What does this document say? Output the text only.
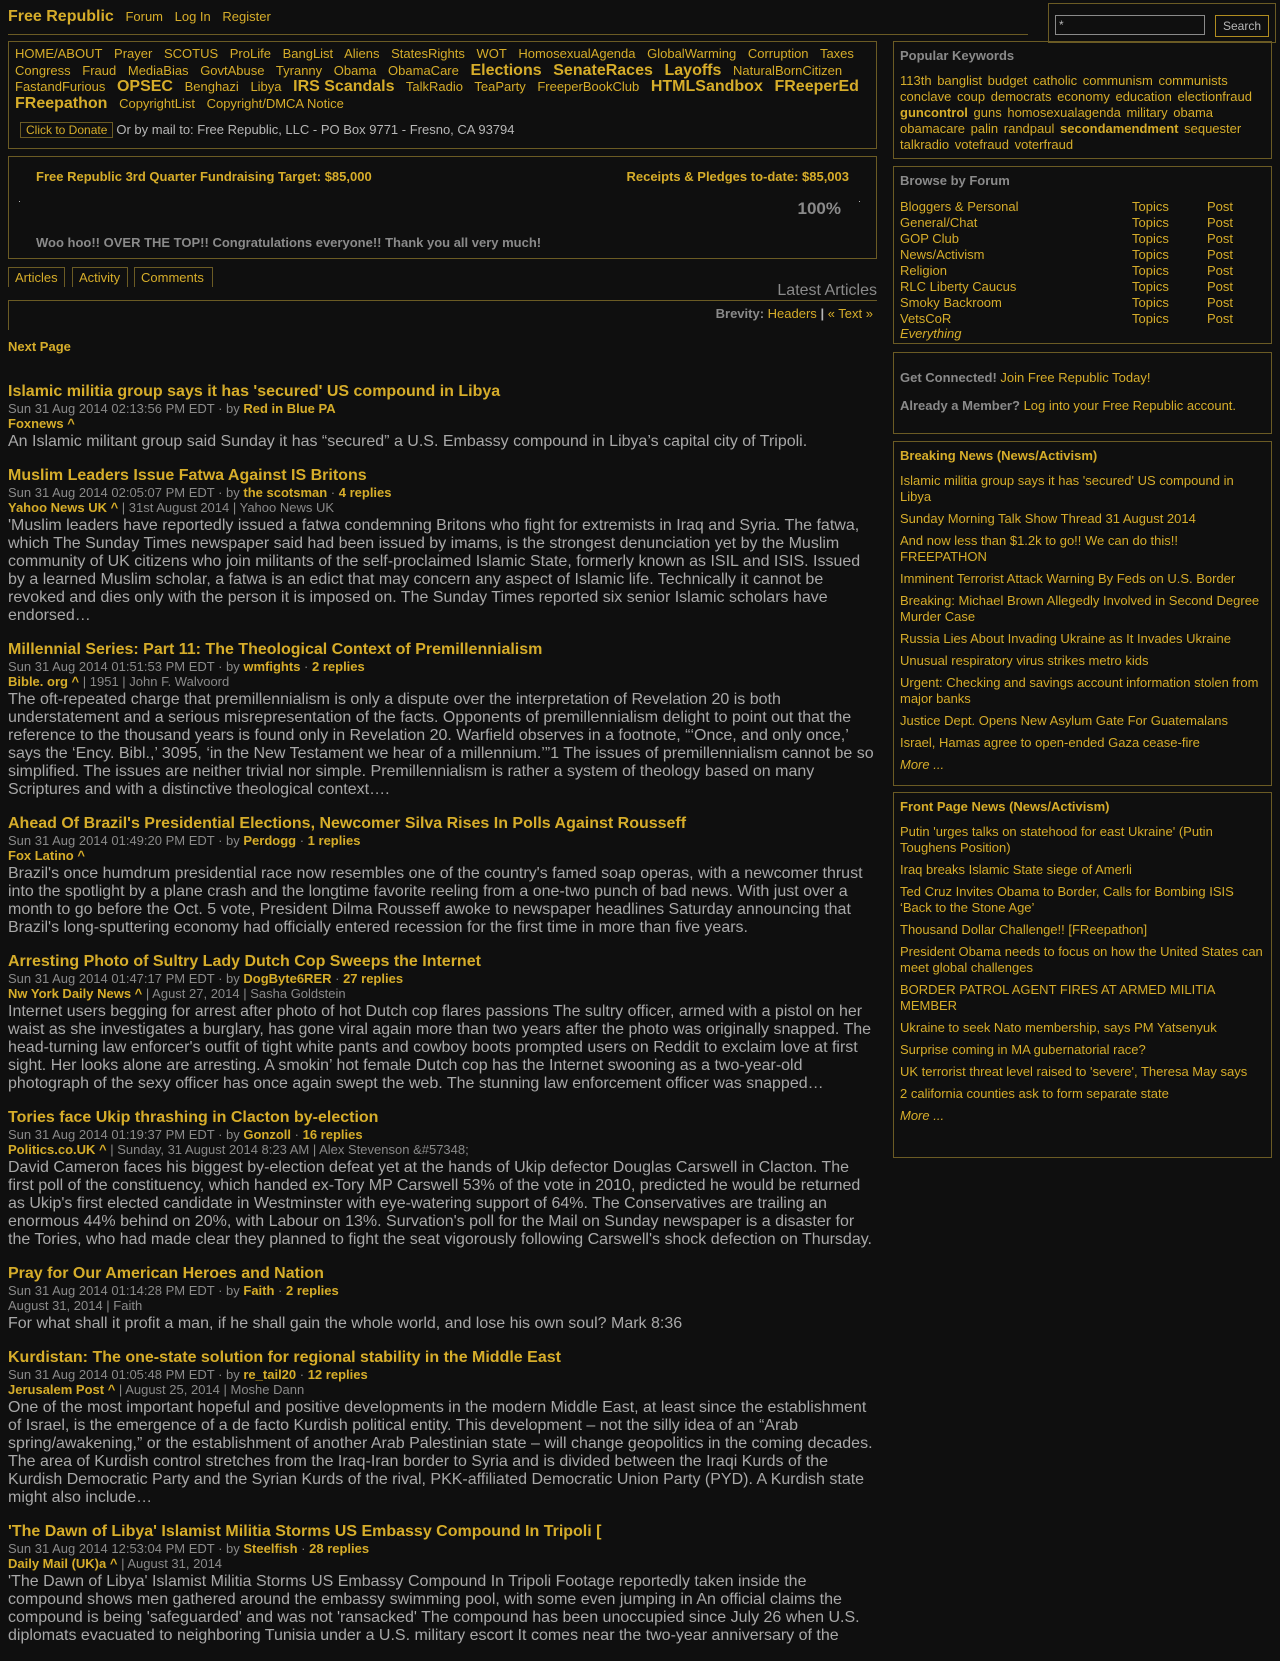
Free Republic Forum Log In Register
*
Search
HOME/ABOUT Prayer SCOTUS ProLife BangList Aliens StatesRights WOT HomosexualAgenda GlobalWarming Corruption Taxes Congress Fraud MediaBias GovtAbuse Tyranny Obama ObamaCare Elections SenateRaces Layoffs NaturalBornCitizen FastandFurious OPSEC Benghazi Libya IRS Scandals TalkRadio TeaParty FreeperBookClub HTMLSandbox FReeperEd FReepathon CopyrightList Copyright/DMCA Notice
Click to Donate Or by mail to: Free Republic, LLC - PO Box 9771 - Fresno, CA 93794
Free Republic 3rd Quarter Fundraising Target: $85,000	Receipts & Pledges to-date: $85,003
100%
Woo hoo!! OVER THE TOP!! Congratulations everyone!! Thank you all very much!
Articles	Activity	Comments
Latest Articles
Brevity: Headers | « Text »
Next Page
Islamic militia group says it has 'secured' US compound in Libya
Sun 31 Aug 2014 02:13:56 PM EDT · by Red in Blue PA
Foxnews ^
An Islamic militant group said Sunday it has “secured” a U.S. Embassy compound in Libya’s capital city of Tripoli.
Muslim Leaders Issue Fatwa Against IS Britons
Sun 31 Aug 2014 02:05:07 PM EDT · by the scotsman · 4 replies
Yahoo News UK ^ | 31st August 2014 | Yahoo News UK
'Muslim leaders have reportedly issued a fatwa condemning Britons who fight for extremists in Iraq and Syria. The fatwa, which The Sunday Times newspaper said had been issued by imams, is the strongest denunciation yet by the Muslim community of UK citizens who join militants of the self-proclaimed Islamic State, formerly known as ISIL and ISIS. Issued by a learned Muslim scholar, a fatwa is an edict that may concern any aspect of Islamic life. Technically it cannot be revoked and dies only with the person it is imposed on. The Sunday Times reported six senior Islamic scholars have endorsed…
Millennial Series: Part 11: The Theological Context of Premillennialism
Sun 31 Aug 2014 01:51:53 PM EDT · by wmfights · 2 replies
Bible. org ^ | 1951 | John F. Walvoord
The oft-repeated charge that premillennialism is only a dispute over the interpretation of Revelation 20 is both understatement and a serious misrepresentation of the facts. Opponents of premillennialism delight to point out that the reference to the thousand years is found only in Revelation 20. Warfield observes in a footnote, “‘Once, and only once,’ says the ‘Ency. Bibl.,’ 3095, ‘in the New Testament we hear of a millennium.’”1 The issues of premillennialism cannot be so simplified. The issues are neither trivial nor simple. Premillennialism is rather a system of theology based on many Scriptures and with a distinctive theological context….
Ahead Of Brazil's Presidential Elections, Newcomer Silva Rises In Polls Against Rousseff
Sun 31 Aug 2014 01:49:20 PM EDT · by Perdogg · 1 replies
Fox Latino ^
Brazil's once humdrum presidential race now resembles one of the country's famed soap operas, with a newcomer thrust into the spotlight by a plane crash and the longtime favorite reeling from a one-two punch of bad news. With just over a month to go before the Oct. 5 vote, President Dilma Rousseff awoke to newspaper headlines Saturday announcing that Brazil's long-sputtering economy had officially entered recession for the first time in more than five years.
Arresting Photo of Sultry Lady Dutch Cop Sweeps the Internet
Sun 31 Aug 2014 01:47:17 PM EDT · by DogByte6RER · 27 replies
Nw York Daily News ^ | Agust 27, 2014 | Sasha Goldstein
Internet users begging for arrest after photo of hot Dutch cop flares passions The sultry officer, armed with a pistol on her waist as she investigates a burglary, has gone viral again more than two years after the photo was originally snapped. The head-turning law enforcer's outfit of tight white pants and cowboy boots prompted users on Reddit to exclaim love at first sight. Her looks alone are arresting. A smokin’ hot female Dutch cop has the Internet swooning as a two-year-old photograph of the sexy officer has once again swept the web. The stunning law enforcement officer was snapped…
Tories face Ukip thrashing in Clacton by-election
Sun 31 Aug 2014 01:19:37 PM EDT · by Gonzoll · 16 replies
Politics.co.UK ^ | Sunday, 31 August 2014 8:23 AM | Alex Stevenson &#57348;
David Cameron faces his biggest by-election defeat yet at the hands of Ukip defector Douglas Carswell in Clacton. The first poll of the constituency, which handed ex-Tory MP Carswell 53% of the vote in 2010, predicted he would be returned as Ukip's first elected candidate in Westminster with eye-watering support of 64%. The Conservatives are trailing an enormous 44% behind on 20%, with Labour on 13%. Survation's poll for the Mail on Sunday newspaper is a disaster for the Tories, who had made clear they planned to fight the seat vigorously following Carswell's shock defection on Thursday.
Pray for Our American Heroes and Nation
Sun 31 Aug 2014 01:14:28 PM EDT · by Faith · 2 replies
August 31, 2014 | Faith
For what shall it profit a man, if he shall gain the whole world, and lose his own soul? Mark 8:36
Kurdistan: The one-state solution for regional stability in the Middle East
Sun 31 Aug 2014 01:05:48 PM EDT · by re_tail20 · 12 replies
Jerusalem Post ^ | August 25, 2014 | Moshe Dann
One of the most important hopeful and positive developments in the modern Middle East, at least since the establishment of Israel, is the emergence of a de facto Kurdish political entity. This development – not the silly idea of an “Arab spring/awakening,” or the establishment of another Arab Palestinian state – will change geopolitics in the coming decades. The area of Kurdish control stretches from the Iraq-Iran border to Syria and is divided between the Iraqi Kurds of the Kurdish Democratic Party and the Syrian Kurds of the rival, PKK-affiliated Democratic Union Party (PYD). A Kurdish state might also include…
'The Dawn of Libya' Islamist Militia Storms US Embassy Compound In Tripoli [
Sun 31 Aug 2014 12:53:04 PM EDT · by Steelfish · 28 replies
Daily Mail (UK)a ^ | August 31, 2014
'The Dawn of Libya' Islamist Militia Storms US Embassy Compound In Tripoli Footage reportedly taken inside the compound shows men gathered around the embassy swimming pool, with some even jumping in An official claims the compound is being 'safeguarded' and was not 'ransacked' The compound has been unoccupied since July 26 when U.S. diplomats evacuated to neighboring Tunisia under a U.S. military escort It comes near the two-year anniversary of the
Popular Keywords
113th banglist budget catholic communism communists conclave coup democrats economy education electionfraud guncontrol guns homosexualagenda military obama obamacare palin randpaul secondamendment sequester talkradio votefraud voterfraud
Browse by Forum
Bloggers & Personal	Topics	Post
General/Chat	Topics	Post
GOP Club	Topics	Post
News/Activism	Topics	Post
Religion	Topics	Post
RLC Liberty Caucus	Topics	Post
Smoky Backroom	Topics	Post
VetsCoR	Topics	Post
Everything

Get Connected! Join Free Republic Today!

Already a Member? Log into your Free Republic account.

Breaking News (News/Activism)
Islamic militia group says it has 'secured' US compound in Libya
Sunday Morning Talk Show Thread 31 August 2014
And now less than $1.2k to go!! We can do this!! FREEPATHON
Imminent Terrorist Attack Warning By Feds on U.S. Border
Breaking: Michael Brown Allegedly Involved in Second Degree Murder Case
Russia Lies About Invading Ukraine as It Invades Ukraine
Unusual respiratory virus strikes metro kids
Urgent: Checking and savings account information stolen from major banks
Justice Dept. Opens New Asylum Gate For Guatemalans
Israel, Hamas agree to open-ended Gaza cease-fire
More ...
Front Page News (News/Activism)
Putin 'urges talks on statehood for east Ukraine' (Putin Toughens Position)
Iraq breaks Islamic State siege of Amerli
Ted Cruz Invites Obama to Border, Calls for Bombing ISIS ‘Back to the Stone Age’
Thousand Dollar Challenge!! [FReepathon]
President Obama needs to focus on how the United States can meet global challenges
BORDER PATROL AGENT FIRES AT ARMED MILITIA MEMBER
Ukraine to seek Nato membership, says PM Yatsenyuk
Surprise coming in MA gubernatorial race?
UK terrorist threat level raised to 'severe', Theresa May says
2 california counties ask to form separate state
More ...
